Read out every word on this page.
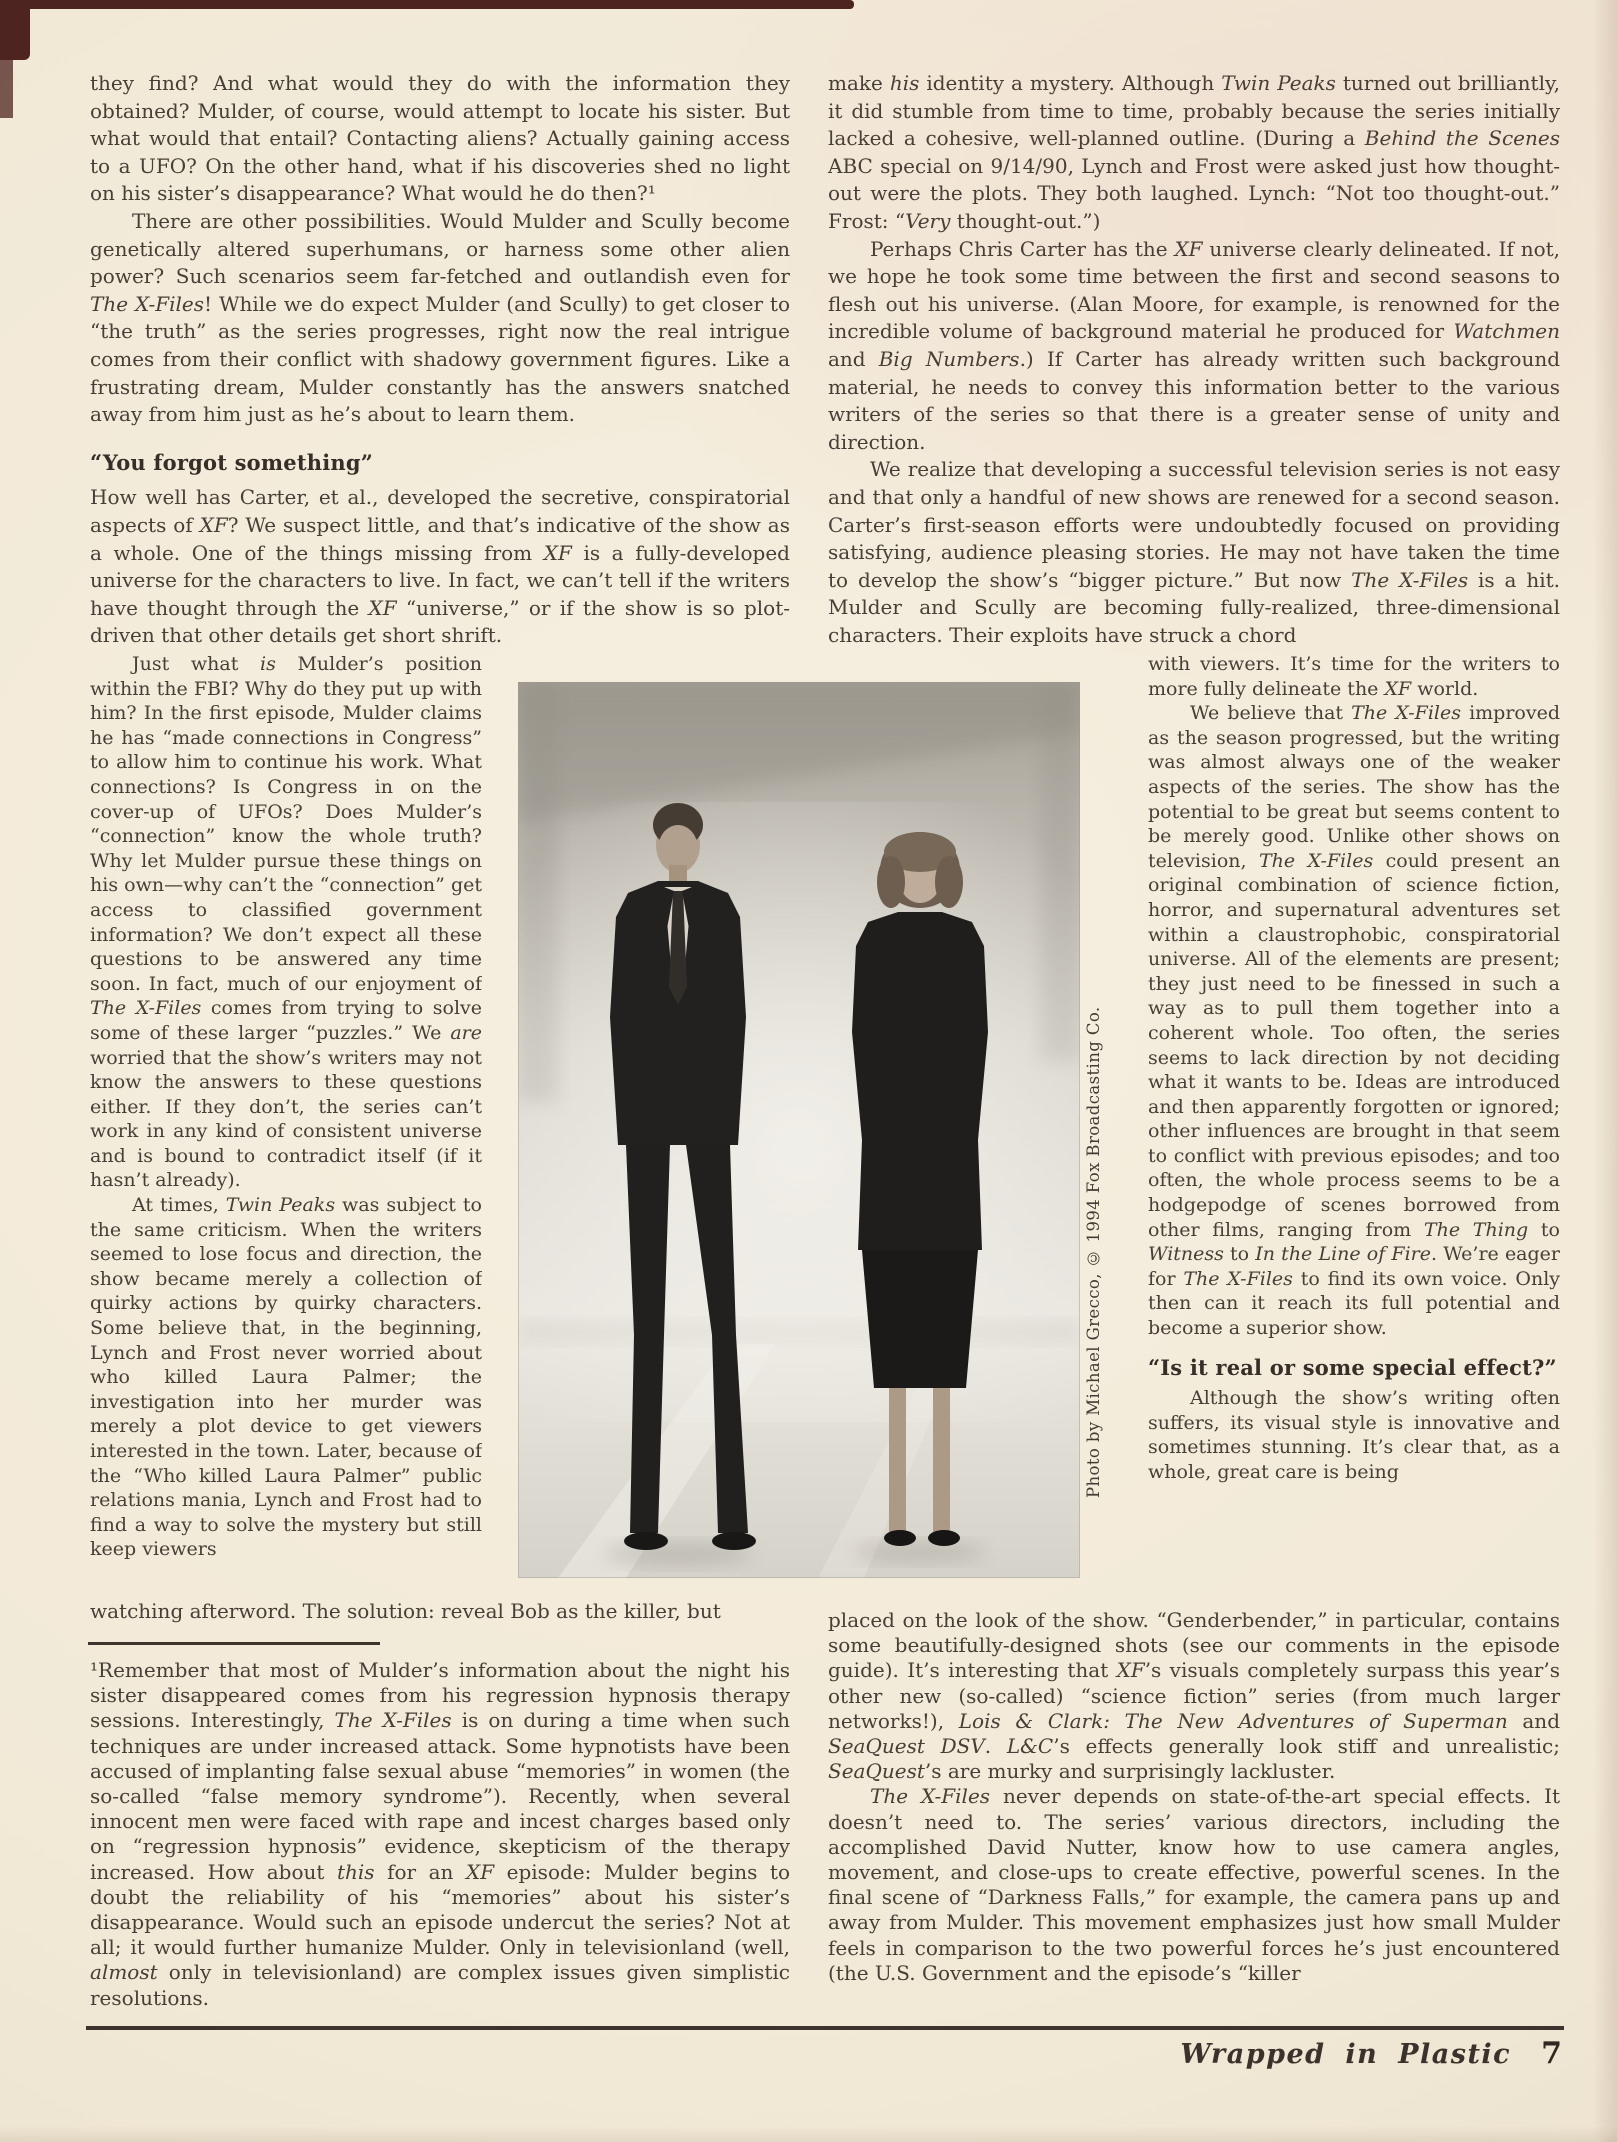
they find? And what would they do with the information they obtained? Mulder, of course, would attempt to locate his sister. But what would that entail? Contacting aliens? Actually gaining access to a UFO? On the other hand, what if his discoveries shed no light on his sister’s disappearance? What would he do then?¹

There are other possibilities. Would Mulder and Scully become genetically altered superhumans, or harness some other alien power? Such scenarios seem far-fetched and outlandish even for The X-Files! While we do expect Mulder (and Scully) to get closer to “the truth” as the series progresses, right now the real intrigue comes from their conflict with shadowy government figures. Like a frustrating dream, Mulder constantly has the answers snatched away from him just as he’s about to learn them.

“You forgot something”

How well has Carter, et al., developed the secretive, conspiratorial aspects of XF? We suspect little, and that’s indicative of the show as a whole. One of the things missing from XF is a fully-developed universe for the characters to live. In fact, we can’t tell if the writers have thought through the XF “universe,” or if the show is so plot-driven that other details get short shrift.

Just what is Mulder’s position within the FBI? Why do they put up with him? In the first episode, Mulder claims he has “made connections in Congress” to allow him to continue his work. What connections? Is Congress in on the cover-up of UFOs? Does Mulder’s “connection” know the whole truth? Why let Mulder pursue these things on his own—why can’t the “connection” get access to classified government information? We don’t expect all these questions to be answered any time soon. In fact, much of our enjoyment of The X-Files comes from trying to solve some of these larger “puzzles.” We are worried that the show’s writers may not know the answers to these questions either. If they don’t, the series can’t work in any kind of consistent universe and is bound to contradict itself (if it hasn’t already).

At times, Twin Peaks was subject to the same criticism. When the writers seemed to lose focus and direction, the show became merely a collection of quirky actions by quirky characters. Some believe that, in the beginning, Lynch and Frost never worried about who killed Laura Palmer; the investigation into her murder was merely a plot device to get viewers interested in the town. Later, because of the “Who killed Laura Palmer” public relations mania, Lynch and Frost had to find a way to solve the mystery but still keep viewers

watching afterword. The solution: reveal Bob as the killer, but

¹Remember that most of Mulder’s information about the night his sister disappeared comes from his regression hypnosis therapy sessions. Interestingly, The X-Files is on during a time when such techniques are under increased attack. Some hypnotists have been accused of implanting false sexual abuse “memories” in women (the so-called “false memory syndrome”). Recently, when several innocent men were faced with rape and incest charges based only on “regression hypnosis” evidence, skepticism of the therapy increased. How about this for an XF episode: Mulder begins to doubt the reliability of his “memories” about his sister’s disappearance. Would such an episode undercut the series? Not at all; it would further humanize Mulder. Only in televisionland (well, almost only in televisionland) are complex issues given simplistic resolutions.

make his identity a mystery. Although Twin Peaks turned out brilliantly, it did stumble from time to time, probably because the series initially lacked a cohesive, well-planned outline. (During a Behind the Scenes ABC special on 9/14/90, Lynch and Frost were asked just how thought-out were the plots. They both laughed. Lynch: “Not too thought-out.” Frost: “Very thought-out.”)

Perhaps Chris Carter has the XF universe clearly delineated. If not, we hope he took some time between the first and second seasons to flesh out his universe. (Alan Moore, for example, is renowned for the incredible volume of background material he produced for Watchmen and Big Numbers.) If Carter has already written such background material, he needs to convey this information better to the various writers of the series so that there is a greater sense of unity and direction.

We realize that developing a successful television series is not easy and that only a handful of new shows are renewed for a second season. Carter’s first-season efforts were undoubtedly focused on providing satisfying, audience pleasing stories. He may not have taken the time to develop the show’s “bigger picture.” But now The X-Files is a hit. Mulder and Scully are becoming fully-realized, three-dimensional characters. Their exploits have struck a chord

with viewers. It’s time for the writers to more fully delineate the XF world.

We believe that The X-Files improved as the season progressed, but the writing was almost always one of the weaker aspects of the series. The show has the potential to be great but seems content to be merely good. Unlike other shows on television, The X-Files could present an original combination of science fiction, horror, and supernatural adventures set within a claustrophobic, conspiratorial universe. All of the elements are present; they just need to be finessed in such a way as to pull them together into a coherent whole. Too often, the series seems to lack direction by not deciding what it wants to be. Ideas are introduced and then apparently forgotten or ignored; other influences are brought in that seem to conflict with previous episodes; and too often, the whole process seems to be a hodgepodge of scenes borrowed from other films, ranging from The Thing to Witness to In the Line of Fire. We’re eager for The X-Files to find its own voice. Only then can it reach its full potential and become a superior show.

“Is it real or some special effect?”

Although the show’s writing often suffers, its visual style is innovative and sometimes stunning. It’s clear that, as a whole, great care is being

placed on the look of the show. “Genderbender,” in particular, contains some beautifully-designed shots (see our comments in the episode guide). It’s interesting that XF’s visuals completely surpass this year’s other new (so-called) “science fiction” series (from much larger networks!), Lois & Clark: The New Adventures of Superman and SeaQuest DSV. L&C’s effects generally look stiff and unrealistic; SeaQuest’s are murky and surprisingly lackluster.

The X-Files never depends on state-of-the-art special effects. It doesn’t need to. The series’ various directors, including the accomplished David Nutter, know how to use camera angles, movement, and close-ups to create effective, powerful scenes. In the final scene of “Darkness Falls,” for example, the camera pans up and away from Mulder. This movement emphasizes just how small Mulder feels in comparison to the two powerful forces he’s just encountered (the U.S. Government and the episode’s “killer

Photo by Michael Grecco, © 1994 Fox Broadcasting Co.
Wrapped in Plastic 7
